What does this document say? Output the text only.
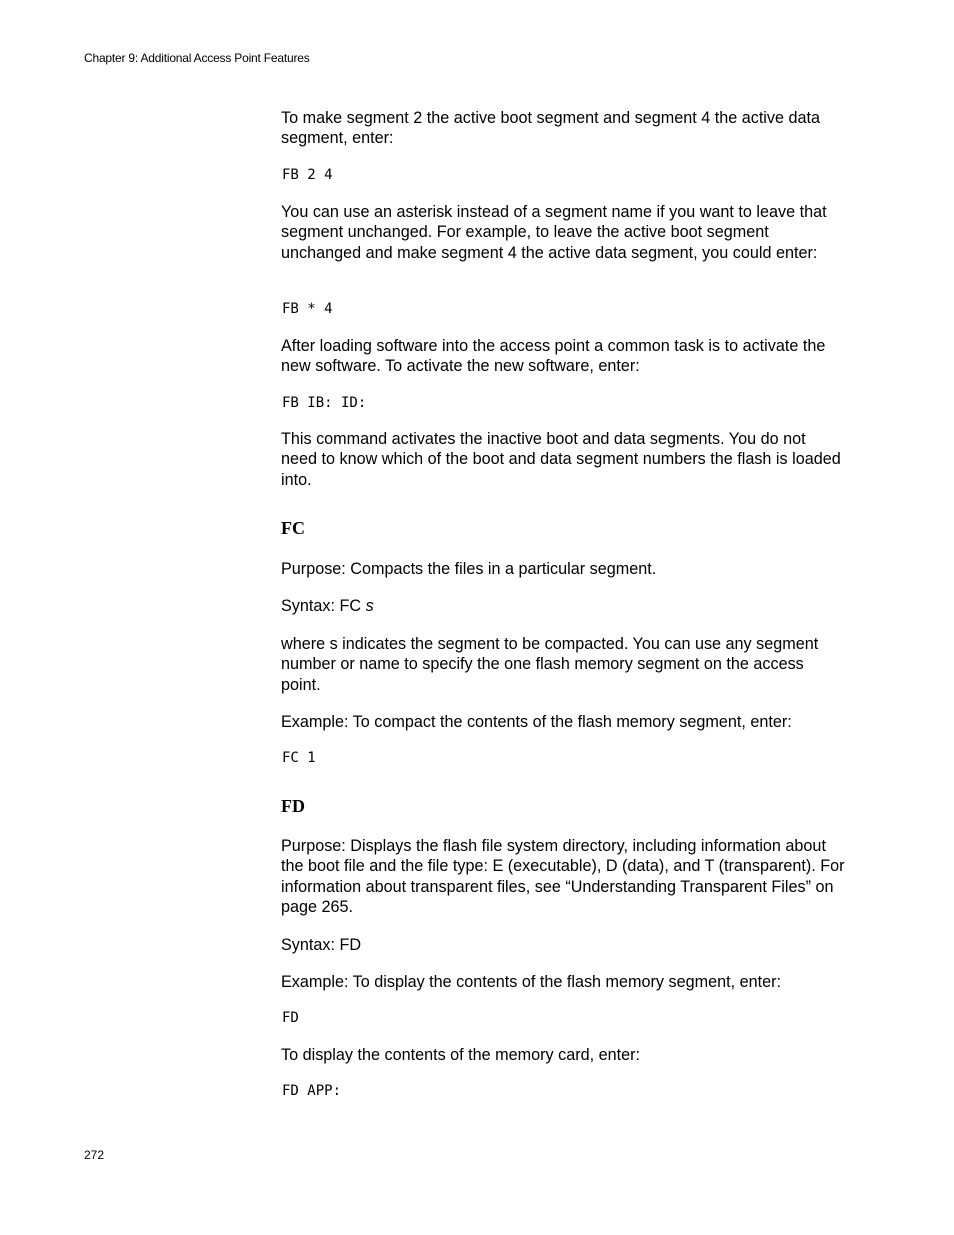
Chapter 9: Additional Access Point Features
To make segment 2 the active boot segment and segment 4 the active data segment, enter:
FB 2 4
You can use an asterisk instead of a segment name if you want to leave that segment unchanged. For example, to leave the active boot segment unchanged and make segment 4 the active data segment, you could enter:
FB * 4
After loading software into the access point a common task is to activate the new software. To activate the new software, enter:
FB IB: ID:
This command activates the inactive boot and data segments. You do not need to know which of the boot and data segment numbers the flash is loaded into.
FC
Purpose: Compacts the files in a particular segment.
Syntax: FC s
where s indicates the segment to be compacted. You can use any segment number or name to specify the one flash memory segment on the access point.
Example: To compact the contents of the flash memory segment, enter:
FC 1
FD
Purpose: Displays the flash file system directory, including information about the boot file and the file type: E (executable), D (data), and T (transparent). For information about transparent files, see “Understanding Transparent Files” on page 265.
Syntax: FD
Example: To display the contents of the flash memory segment, enter:
FD
To display the contents of the memory card, enter:
FD APP:
272
